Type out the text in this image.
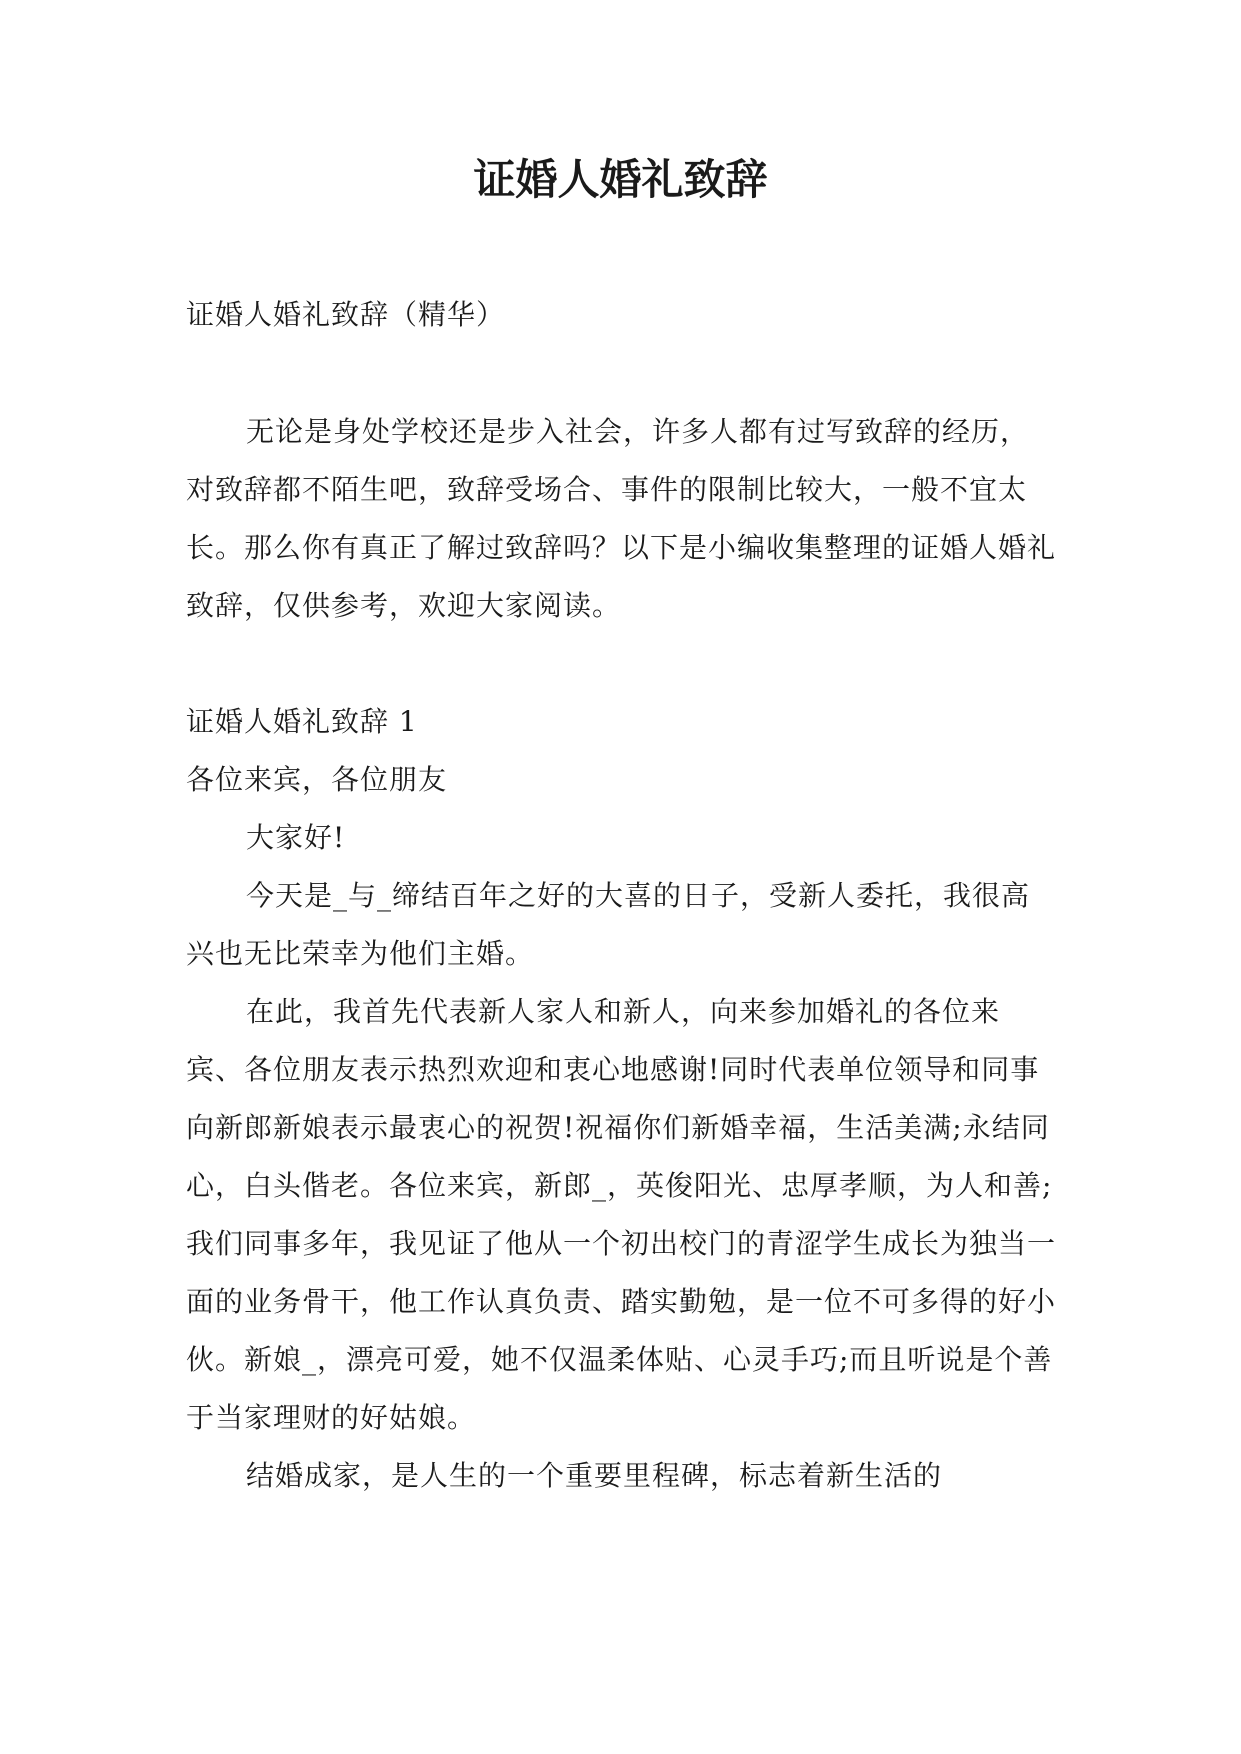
证婚人婚礼致辞

证婚人婚礼致辞（精华）

无论是身处学校还是步入社会，许多人都有过写致辞的经历，对致辞都不陌生吧，致辞受场合、事件的限制比较大，一般不宜太长。那么你有真正了解过致辞吗？以下是小编收集整理的证婚人婚礼致辞，仅供参考，欢迎大家阅读。

证婚人婚礼致辞 1

各位来宾，各位朋友

大家好!

今天是_与_缔结百年之好的大喜的日子，受新人委托，我很高兴也无比荣幸为他们主婚。

在此，我首先代表新人家人和新人，向来参加婚礼的各位来宾、各位朋友表示热烈欢迎和衷心地感谢!同时代表单位领导和同事向新郎新娘表示最衷心的祝贺!祝福你们新婚幸福，生活美满;永结同心，白头偕老。各位来宾，新郎_，英俊阳光、忠厚孝顺，为人和善;我们同事多年，我见证了他从一个初出校门的青涩学生成长为独当一面的业务骨干，他工作认真负责、踏实勤勉，是一位不可多得的好小伙。新娘_，漂亮可爱，她不仅温柔体贴、心灵手巧;而且听说是个善于当家理财的好姑娘。

结婚成家，是人生的一个重要里程碑，标志着新生活的
